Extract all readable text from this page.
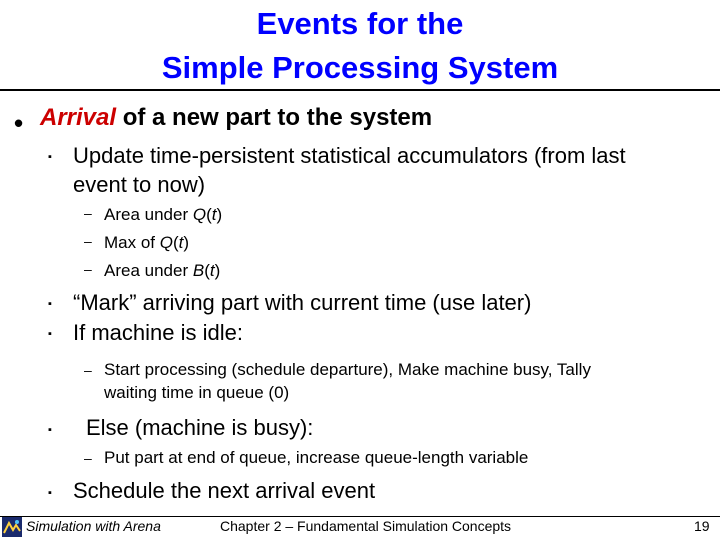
Events for the
Simple Processing System
• Arrival of a new part to the system
▪ Update time-persistent statistical accumulators (from last
event to now)
– Area under Q(t)
– Max of Q(t)
– Area under B(t)
▪ “Mark” arriving part with current time (use later)
▪ If machine is idle:
– Start processing (schedule departure), Make machine busy, Tally
waiting time in queue (0)
▪ Else (machine is busy):
– Put part at end of queue, increase queue-length variable
▪ Schedule the next arrival event
Simulation with Arena	Chapter 2 – Fundamental Simulation Concepts	19
